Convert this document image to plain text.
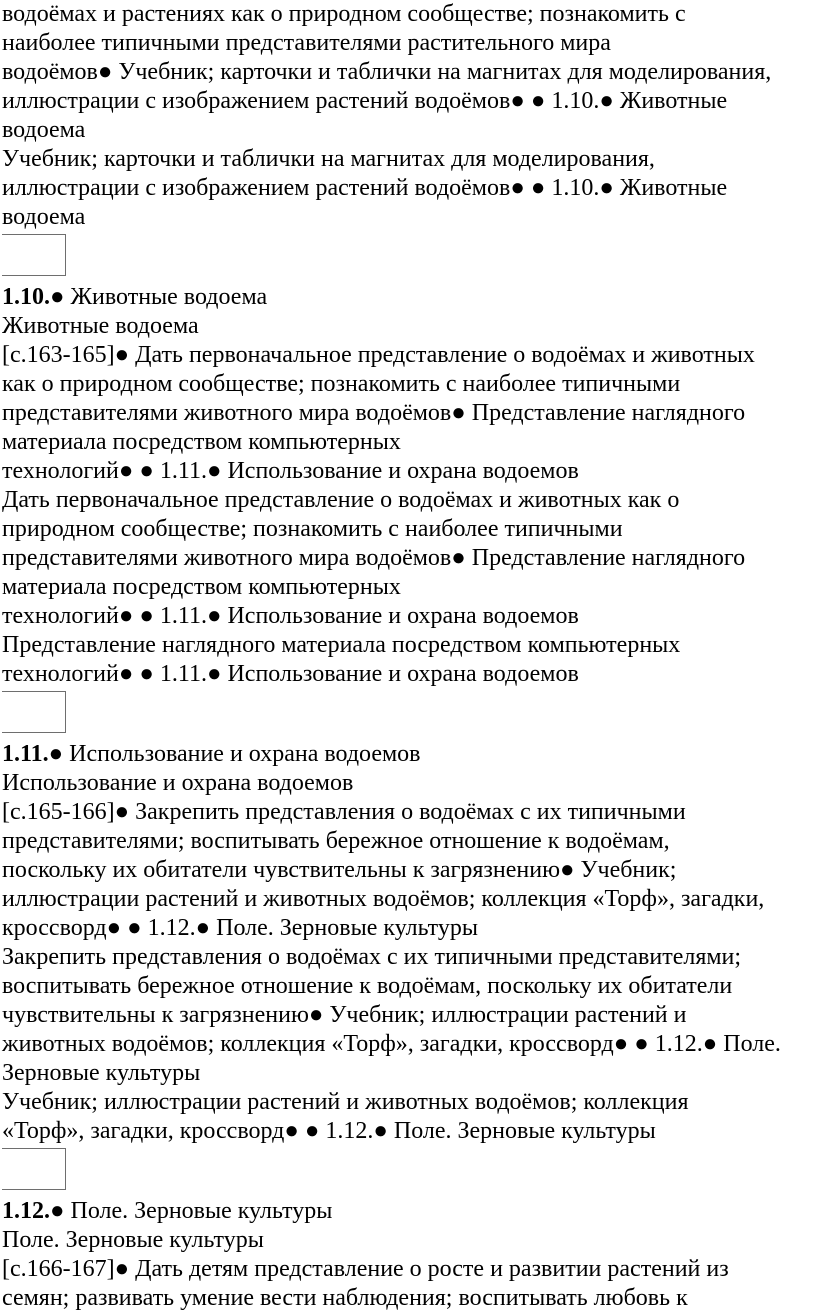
водоёмах и растениях как о природном сообществе; познакомить с

наиболее типичными представителями растительного мира

водоёмов● Учебник; карточки и таблички на магнитах для моделирования,

иллюстрации с изображением растений водоёмов● ● 1.10.● Животные

водоема

Учебник; карточки и таблички на магнитах для моделирования,

иллюстрации с изображением растений водоёмов● ● 1.10.● Животные

водоема

1.10.● Животные водоема

Животные водоема

[с.163-165]● Дать первоначальное представление о водоёмах и животных

как о природном сообществе; познакомить с наиболее типичными

представителями животного мира водоёмов● Представление наглядного

материала посредством компьютерных

технологий● ● 1.11.● Использование и охрана водоемов

Дать первоначальное представление о водоёмах и животных как о

природном сообществе; познакомить с наиболее типичными

представителями животного мира водоёмов● Представление наглядного

материала посредством компьютерных

технологий● ● 1.11.● Использование и охрана водоемов

Представление наглядного материала посредством компьютерных

технологий● ● 1.11.● Использование и охрана водоемов

1.11.● Использование и охрана водоемов

Использование и охрана водоемов

[с.165-166]● Закрепить представления о водоёмах с их типичными

представителями; воспитывать бережное отношение к водоёмам,

поскольку их обитатели чувствительны к загрязнению● Учебник;

иллюстрации растений и животных водоёмов; коллекция «Торф», загадки,

кроссворд● ● 1.12.● Поле. Зерновые культуры

Закрепить представления о водоёмах с их типичными представителями;

воспитывать бережное отношение к водоёмам, поскольку их обитатели

чувствительны к загрязнению● Учебник; иллюстрации растений и

животных водоёмов; коллекция «Торф», загадки, кроссворд● ● 1.12.● Поле.

Зерновые культуры

Учебник; иллюстрации растений и животных водоёмов; коллекция

«Торф», загадки, кроссворд● ● 1.12.● Поле. Зерновые культуры

1.12.● Поле. Зерновые культуры

Поле. Зерновые культуры

[с.166-167]● Дать детям представление о росте и развитии растений из

семян; развивать умение вести наблюдения; воспитывать любовь к
